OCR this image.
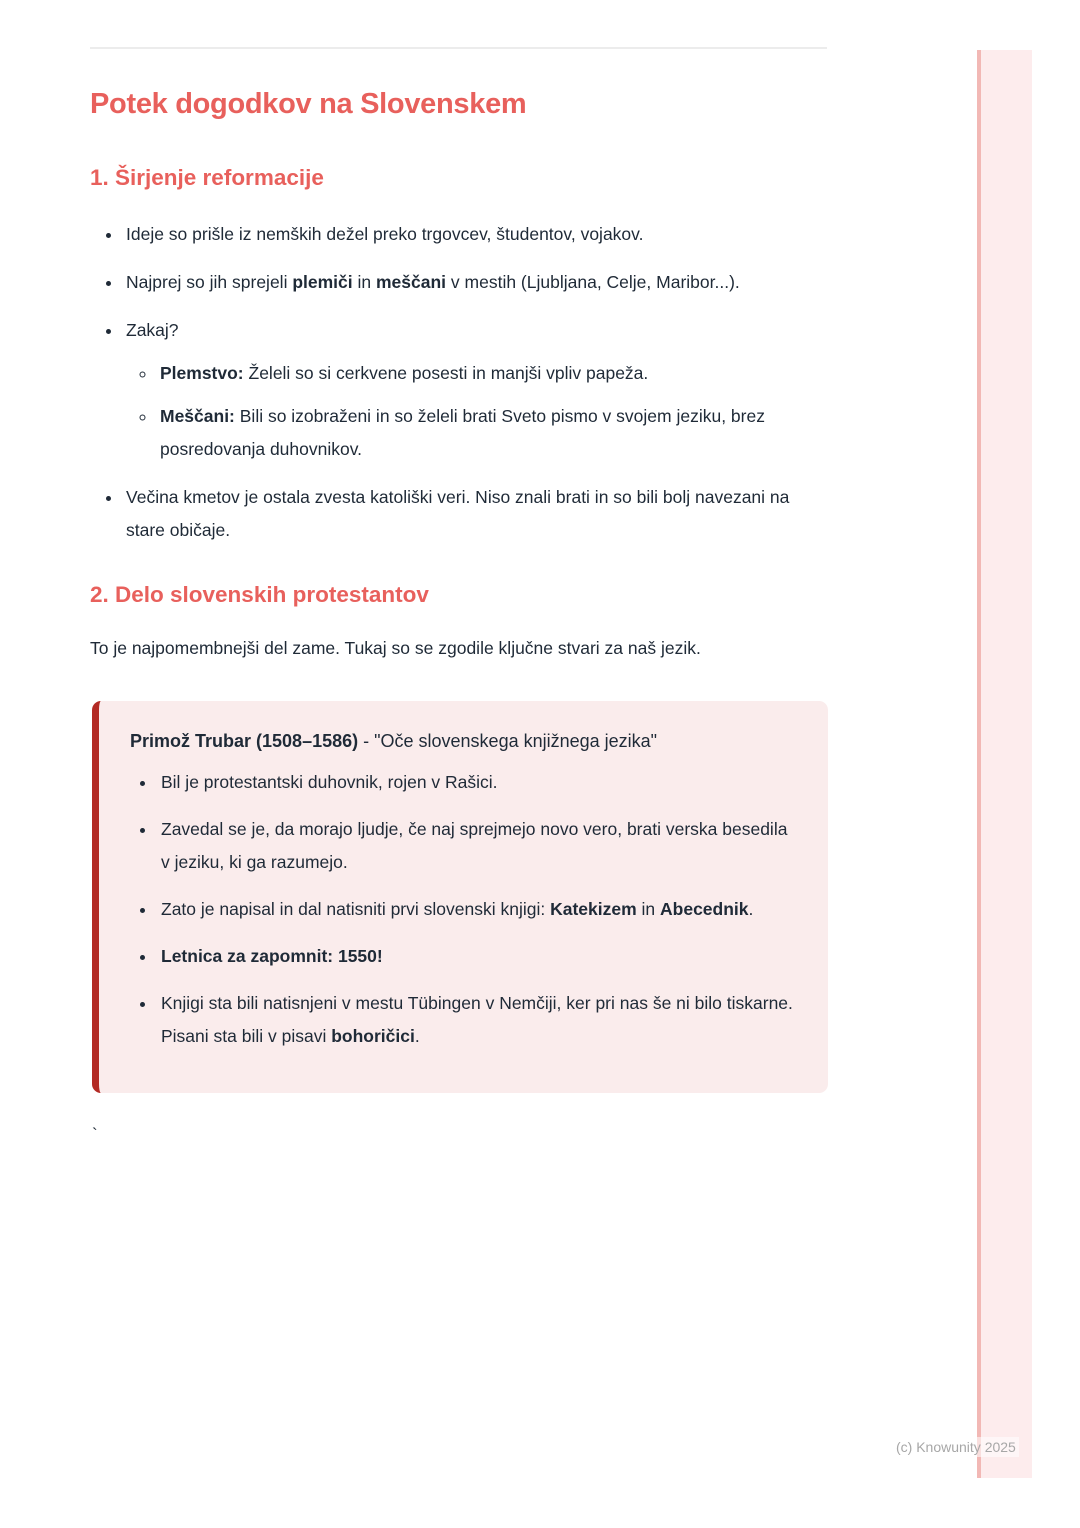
Potek dogodkov na Slovenskem
1. Širjenje reformacije
• Ideje so prišle iz nemških dežel preko trgovcev, študentov, vojakov.
• Najprej so jih sprejeli plemiči in meščani v mestih (Ljubljana, Celje, Maribor...).
• Zakaj?
◦ Plemstvo: Želeli so si cerkvene posesti in manjši vpliv papeža.
◦ Meščani: Bili so izobraženi in so želeli brati Sveto pismo v svojem jeziku, brez posredovanja duhovnikov.
• Večina kmetov je ostala zvesta katoliški veri. Niso znali brati in so bili bolj navezani na stare običaje.
2. Delo slovenskih protestantov

To je najpomembnejši del zame. Tukaj so se zgodile ključne stvari za naš jezik.

Primož Trubar (1508–1586) - "Oče slovenskega knjižnega jezika"
• Bil je protestantski duhovnik, rojen v Rašici.
• Zavedal se je, da morajo ljudje, če naj sprejmejo novo vero, brati verska besedila v jeziku, ki ga razumejo.
• Zato je napisal in dal natisniti prvi slovenski knjigi: Katekizem in Abecednik.
• Letnica za zapomnit: 1550!
• Knjigi sta bili natisnjeni v mestu Tübingen v Nemčiji, ker pri nas še ni bilo tiskarne. Pisani sta bili v pisavi bohoričici.
`
(c) Knowunity 2025
